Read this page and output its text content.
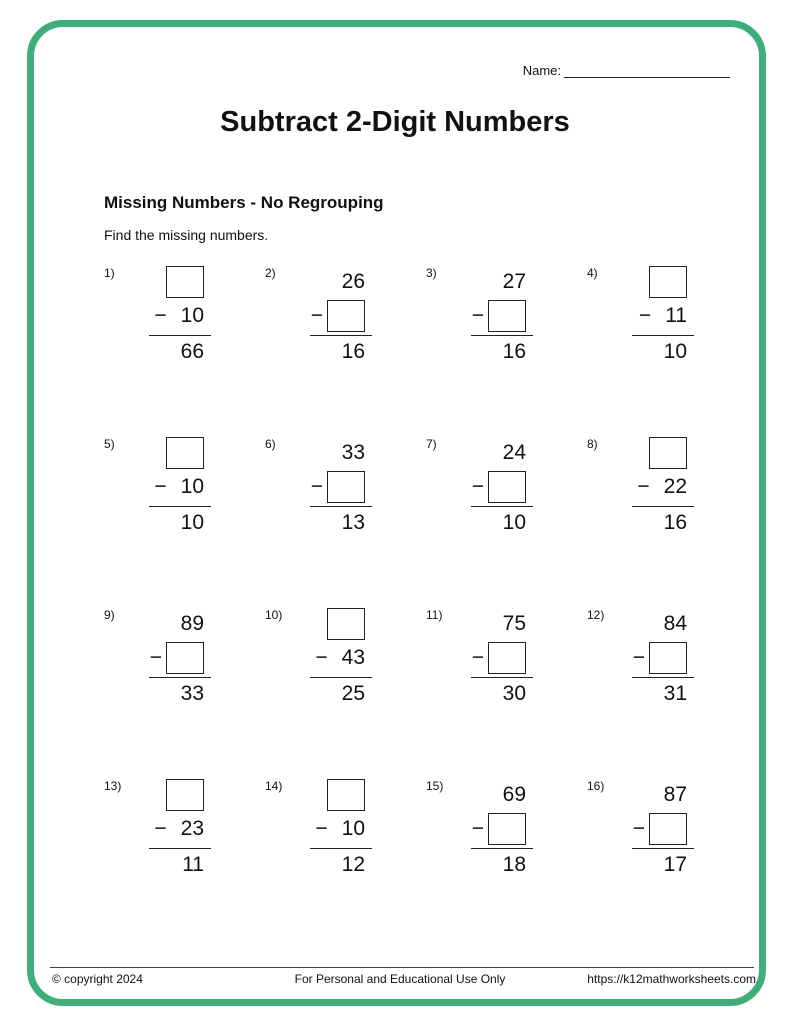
Name:
Subtract 2-Digit Numbers
Missing Numbers - No Regrouping
Find the missing numbers.
1)
− 10
66
2)	26
−
16
3)	27
−
16
4)
− 11
10
5)
− 10
10
6)	33
−
13
7)	24
−
10
8)
− 22
16
9)	89
−
33
10)
− 43
25
11)	75
−
30
12)	84
−
31
13)
− 23
11
14)
− 10
12
15)	69
−
18
16)	87
−
17
© copyright 2024	For Personal and Educational Use Only	https://k12mathworksheets.com
